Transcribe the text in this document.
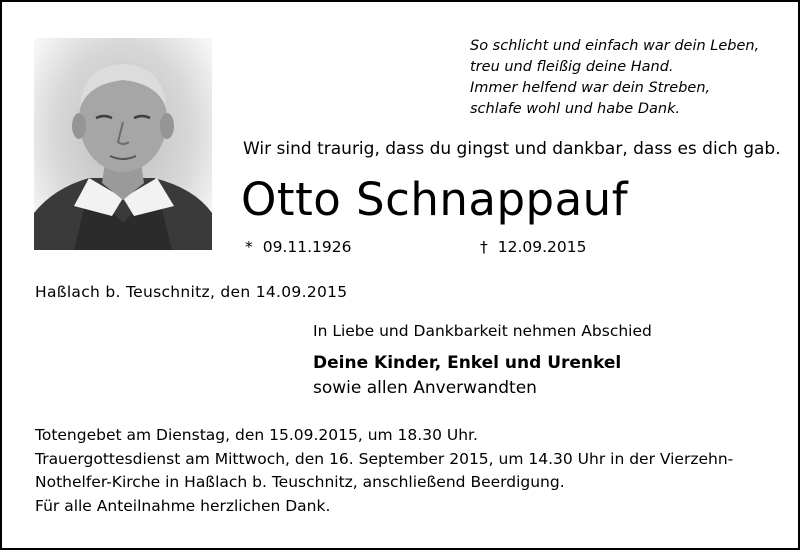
So schlicht und einfach war dein Leben,
treu und fleißig deine Hand.
Immer helfend war dein Streben,
schlafe wohl und habe Dank.
Wir sind traurig, dass du gingst und dankbar, dass es dich gab.
Otto Schnappauf
* 09.11.1926	† 12.09.2015
Haßlach b. Teuschnitz, den 14.09.2015
In Liebe und Dankbarkeit nehmen Abschied
Deine Kinder, Enkel und Urenkel
sowie allen Anverwandten
Totengebet am Dienstag, den 15.09.2015, um 18.30 Uhr.
Trauergottesdienst am Mittwoch, den 16. September 2015, um 14.30 Uhr in der Vierzehn-
Nothelfer-Kirche in Haßlach b. Teuschnitz, anschließend Beerdigung.
Für alle Anteilnahme herzlichen Dank.
